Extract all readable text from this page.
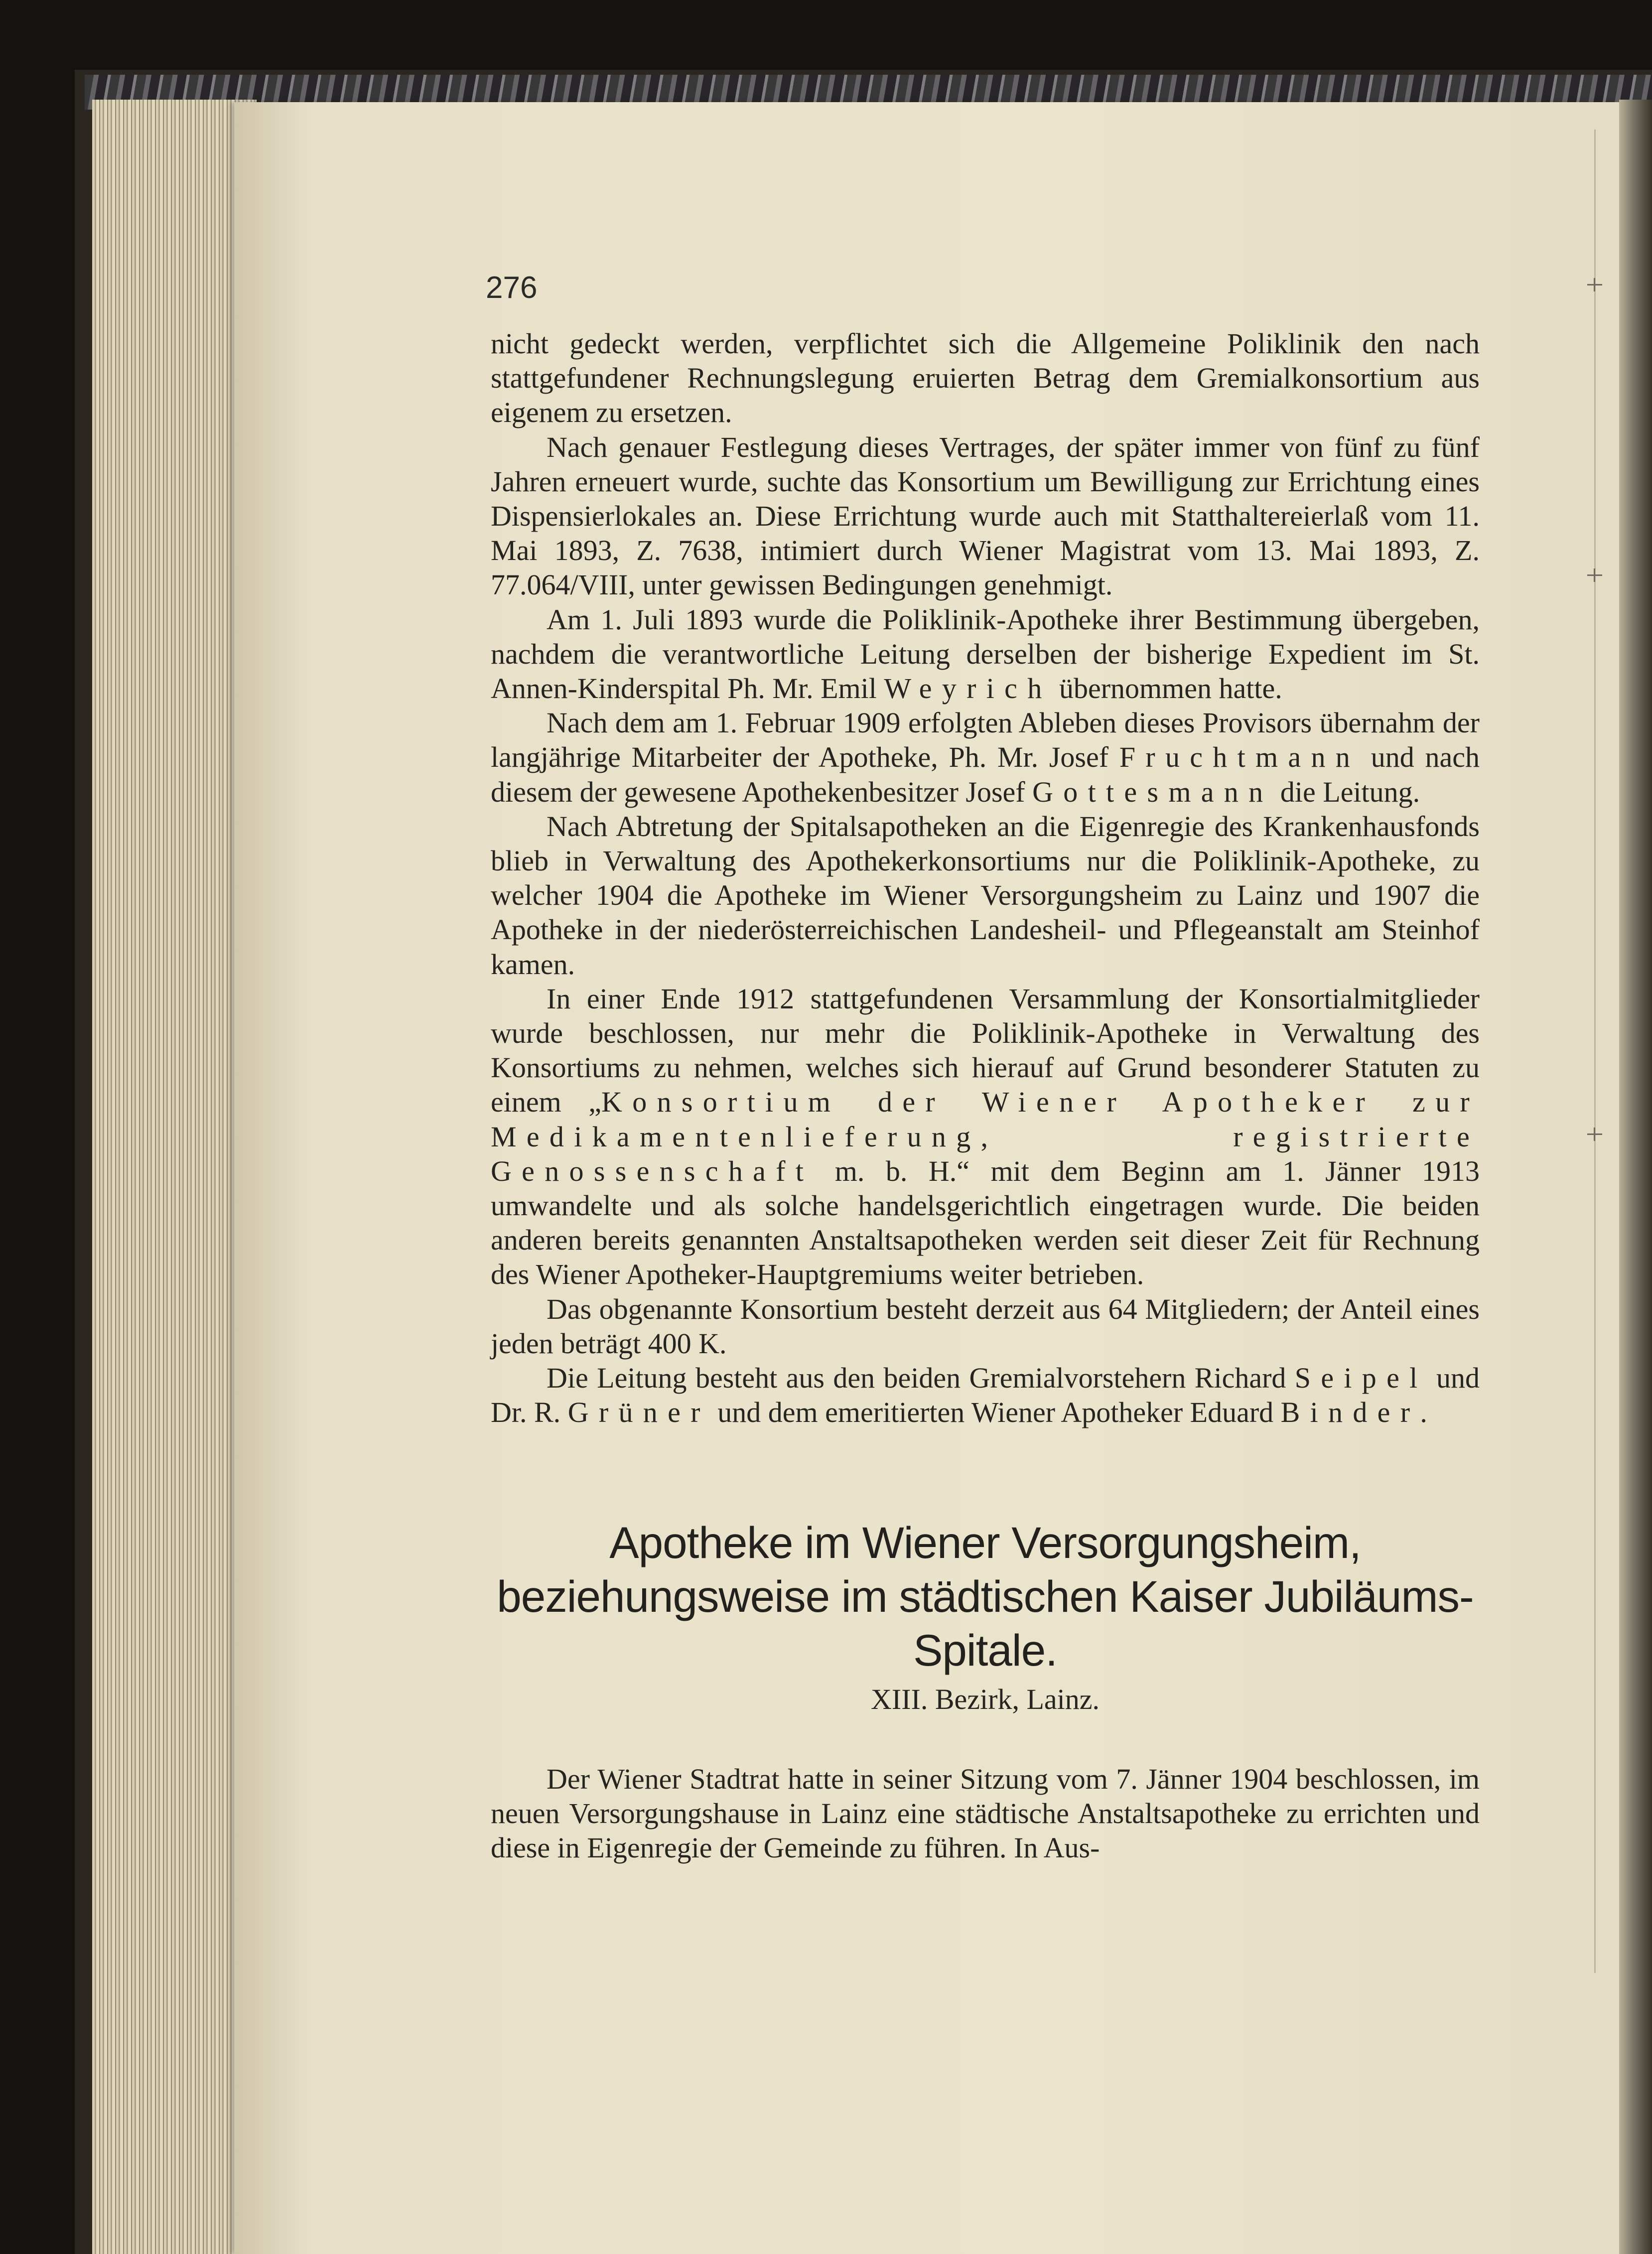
276

nicht gedeckt werden, verpflichtet sich die Allgemeine Poliklinik den nach stattgefundener Rechnungslegung eruierten Betrag dem Gremialkonsortium aus eigenem zu ersetzen.

Nach genauer Festlegung dieses Vertrages, der später immer von fünf zu fünf Jahren erneuert wurde, suchte das Konsortium um Bewilligung zur Errichtung eines Dispensierlokales an. Diese Errichtung wurde auch mit Statthaltereierlaß vom 11. Mai 1893, Z. 7638, intimiert durch Wiener Magistrat vom 13. Mai 1893, Z. 77.064/VIII, unter gewissen Bedingungen genehmigt.

Am 1. Juli 1893 wurde die Poliklinik-Apotheke ihrer Bestimmung übergeben, nachdem die verantwortliche Leitung derselben der bisherige Expedient im St. Annen-Kinderspital Ph. Mr. Emil Weyrich übernommen hatte.

Nach dem am 1. Februar 1909 erfolgten Ableben dieses Provisors übernahm der langjährige Mitarbeiter der Apotheke, Ph. Mr. Josef Fruchtmann und nach diesem der gewesene Apothekenbesitzer Josef Gottesmann die Leitung.

Nach Abtretung der Spitalsapotheken an die Eigenregie des Krankenhausfonds blieb in Verwaltung des Apothekerkonsortiums nur die Poliklinik-Apotheke, zu welcher 1904 die Apotheke im Wiener Versorgungsheim zu Lainz und 1907 die Apotheke in der niederösterreichischen Landesheil- und Pflegeanstalt am Steinhof kamen.

In einer Ende 1912 stattgefundenen Versammlung der Konsortialmitglieder wurde beschlossen, nur mehr die Poliklinik-Apotheke in Verwaltung des Konsortiums zu nehmen, welches sich hierauf auf Grund besonderer Statuten zu einem „Konsortium der Wiener Apotheker zur Medikamentenlieferung, registrierte Genossenschaft m. b. H.“ mit dem Beginn am 1. Jänner 1913 umwandelte und als solche handelsgerichtlich eingetragen wurde. Die beiden anderen bereits genannten Anstaltsapotheken werden seit dieser Zeit für Rechnung des Wiener Apotheker-Hauptgremiums weiter betrieben.

Das obgenannte Konsortium besteht derzeit aus 64 Mitgliedern; der Anteil eines jeden beträgt 400 K.

Die Leitung besteht aus den beiden Gremialvorstehern Richard Seipel und Dr. R. Grüner und dem emeritierten Wiener Apotheker Eduard Binder.

Apotheke im Wiener Versorgungsheim, beziehungsweise im städtischen Kaiser Jubiläums-Spitale.
XIII. Bezirk, Lainz.

Der Wiener Stadtrat hatte in seiner Sitzung vom 7. Jänner 1904 beschlossen, im neuen Versorgungshause in Lainz eine städtische Anstaltsapotheke zu errichten und diese in Eigenregie der Gemeinde zu führen. In Aus-
